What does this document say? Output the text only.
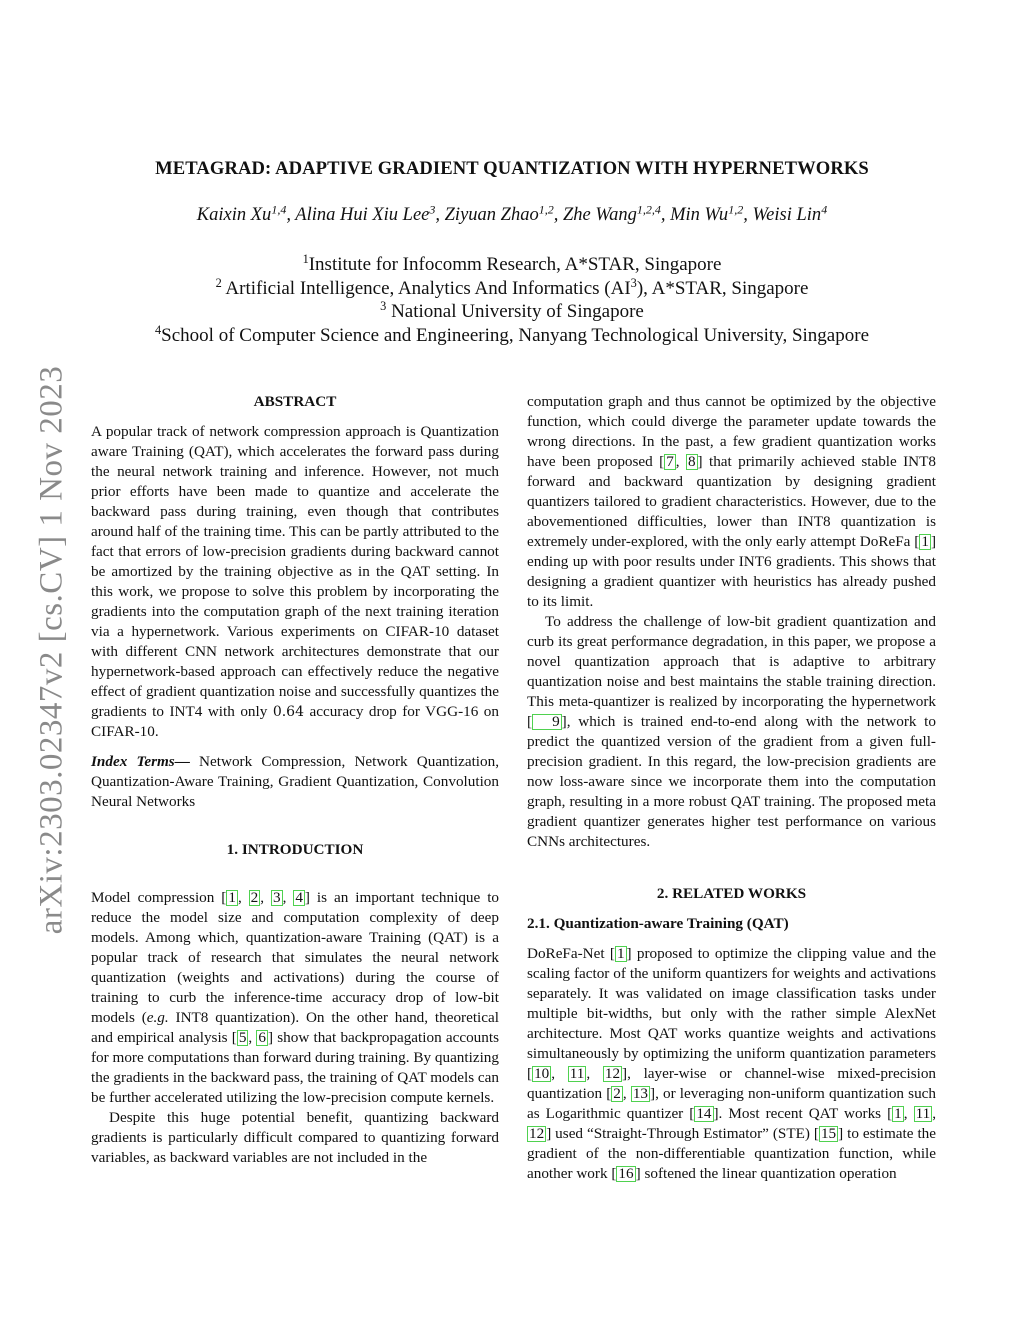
arXiv:2303.02347v2 [cs.CV] 1 Nov 2023
METAGRAD: ADAPTIVE GRADIENT QUANTIZATION WITH HYPERNETWORKS
Kaixin Xu$^{1,4}$, Alina Hui Xiu Lee$^3$, Ziyuan Zhao$^{1,2}$, Zhe Wang$^{1,2,4}$, Min Wu$^{1,2}$, Weisi Lin$^4$
$^1$Institute for Infocomm Research, A*STAR, Singapore
$^2$ Artificial Intelligence, Analytics And Informatics $(AI^3)$, A*STAR, Singapore
$^3$ National University of Singapore
$^4$School of Computer Science and Engineering, Nanyang Technological University, Singapore
ABSTRACT

A popular track of network compression approach is Quantization aware Training (QAT), which accelerates the forward pass during the neural network training and inference. However, not much prior efforts have been made to quantize and accelerate the backward pass during training, even though that contributes around half of the training time. This can be partly attributed to the fact that errors of low-precision gradients during backward cannot be amortized by the training objective as in the QAT setting. In this work, we propose to solve this problem by incorporating the gradients into the computation graph of the next training iteration via a hypernetwork. Various experiments on CIFAR-10 dataset with different CNN network architectures demonstrate that our hypernetwork-based approach can effectively reduce the negative effect of gradient quantization noise and successfully quantizes the gradients to INT4 with only 0.64 accuracy drop for VGG-16 on CIFAR-10.

Index Terms— Network Compression, Network Quantization, Quantization-Aware Training, Gradient Quantization, Convolution Neural Networks

1. INTRODUCTION

Model compression [ 1 , 2 , 3 , 4 ] is an important technique to reduce the model size and computation complexity of deep models. Among which, quantization-aware Training (QAT) is a popular track of research that simulates the neural network quantization (weights and activations) during the course of training to curb the inference-time accuracy drop of low-bit models (e.g. INT8 quantization). On the other hand, theoretical and empirical analysis [ 5 , 6 ] show that backpropagation accounts for more computations than forward during training. By quantizing the gradients in the backward pass, the training of QAT models can be further accelerated utilizing the low-precision compute kernels.

Despite this huge potential benefit, quantizing backward gradients is particularly difficult compared to quantizing forward variables, as backward variables are not included in the

computation graph and thus cannot be optimized by the objective function, which could diverge the parameter update towards the wrong directions. In the past, a few gradient quantization works have been proposed [ 7 , 8 ] that primarily achieved stable INT8 forward and backward quantization by designing gradient quantizers tailored to gradient characteristics. However, due to the abovementioned difficulties, lower than INT8 quantization is extremely under-explored, with the only early attempt DoReFa [ 1 ] ending up with poor results under INT6 gradients. This shows that designing a gradient quantizer with heuristics has already pushed to its limit.

To address the challenge of low-bit gradient quantization and curb its great performance degradation, in this paper, we propose a novel quantization approach that is adaptive to arbitrary quantization noise and best maintains the stable training direction. This meta-quantizer is realized by incorporating the hypernetwork [ 9 ], which is trained end-to-end along with the network to predict the quantized version of the gradient from a given full-precision gradient. In this regard, the low-precision gradients are now loss-aware since we incorporate them into the computation graph, resulting in a more robust QAT training. The proposed meta gradient quantizer generates higher test performance on various CNNs architectures.

2. RELATED WORKS
2.1. Quantization-aware Training (QAT)

DoReFa-Net [ 1 ] proposed to optimize the clipping value and the scaling factor of the uniform quantizers for weights and activations separately. It was validated on image classification tasks under multiple bit-widths, but only with the rather simple AlexNet architecture. Most QAT works quantize weights and activations simultaneously by optimizing the uniform quantization parameters [ 10 , 11 , 12 ], layer-wise or channel-wise mixed-precision quantization [ 2 , 13 ], or leveraging non-uniform quantization such as Logarithmic quantizer [ 14 ]. Most recent QAT works [ 1 , 11 , 12 ] used “Straight-Through Estimator” (STE) [ 15 ] to estimate the gradient of the non-differentiable quantization function, while another work [ 16 ] softened the linear quantization operation
